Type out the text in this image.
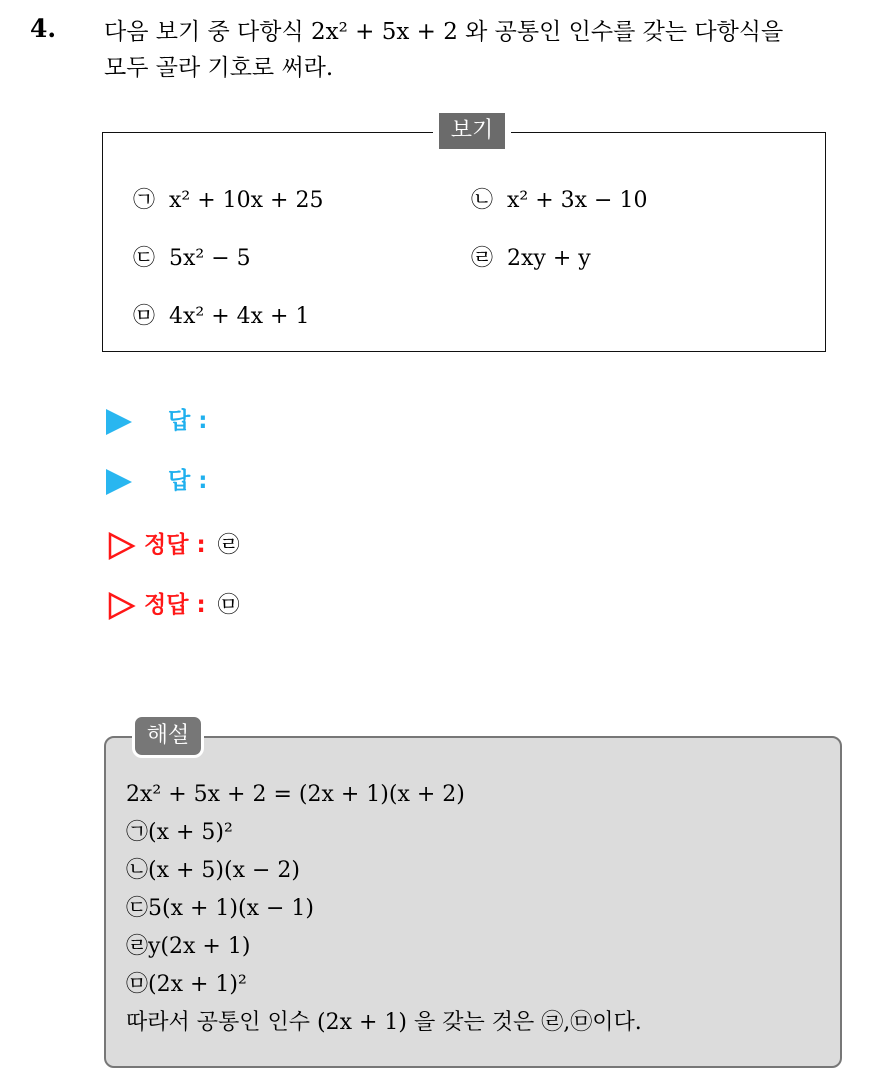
4. 다음 보기 중 다항식 2x² + 5x + 2 와 공통인 인수를 갖는 다항식을
모두 골라 기호로 써라.
보기
㉠ x² + 10x + 25	㉡ x² + 3x − 10
㉢ 5x² − 5	㉣ 2xy + y
㉤ 4x² + 4x + 1
답 :
답 :
정답 : ㉣
정답 : ㉤
해설
2x² + 5x + 2 = (2x + 1)(x + 2)
㉠(x + 5)²
㉡(x + 5)(x − 2)
㉢5(x + 1)(x − 1)
㉣y(2x + 1)
㉤(2x + 1)²
따라서 공통인 인수 (2x + 1) 을 갖는 것은 ㉣,㉤이다.
